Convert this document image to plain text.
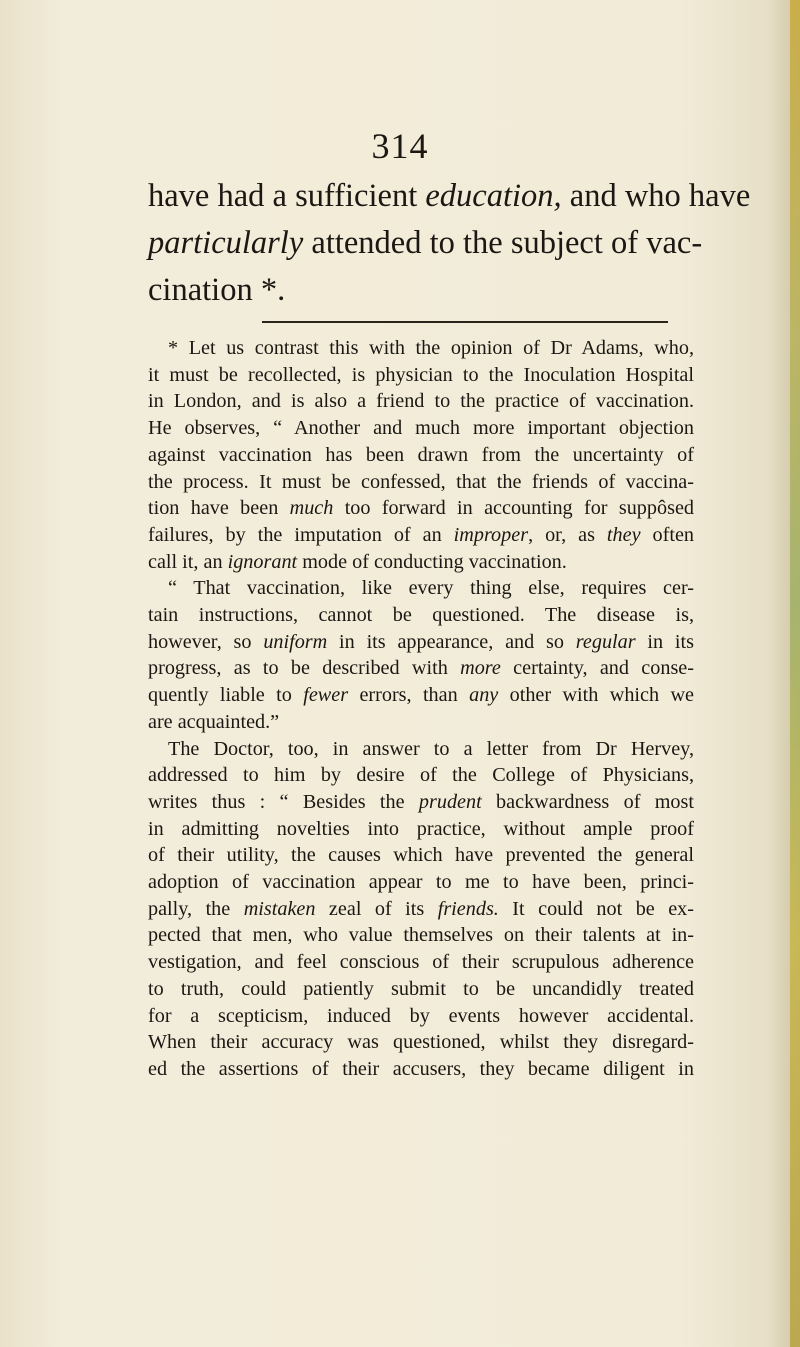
314
have had a sufficient education, and who have
particularly attended to the subject of vac-
cination *.
* Let us contrast this with the opinion of Dr Adams, who,
it must be recollected, is physician to the Inoculation Hospital
in London, and is also a friend to the practice of vaccination.
He observes, “ Another and much more important objection
against vaccination has been drawn from the uncertainty of
the process. It must be confessed, that the friends of vaccina-
tion have been much too forward in accounting for suppôsed
failures, by the imputation of an improper, or, as they often
call it, an ignorant mode of conducting vaccination.
“ That vaccination, like every thing else, requires cer-
tain instructions, cannot be questioned. The disease is,
however, so uniform in its appearance, and so regular in its
progress, as to be described with more certainty, and conse-
quently liable to fewer errors, than any other with which we
are acquainted.”
The Doctor, too, in answer to a letter from Dr Hervey,
addressed to him by desire of the College of Physicians,
writes thus : “ Besides the prudent backwardness of most
in admitting novelties into practice, without ample proof
of their utility, the causes which have prevented the general
adoption of vaccination appear to me to have been, princi-
pally, the mistaken zeal of its friends. It could not be ex-
pected that men, who value themselves on their talents at in-
vestigation, and feel conscious of their scrupulous adherence
to truth, could patiently submit to be uncandidly treated
for a scepticism, induced by events however accidental.
When their accuracy was questioned, whilst they disregard-
ed the assertions of their accusers, they became diligent in
